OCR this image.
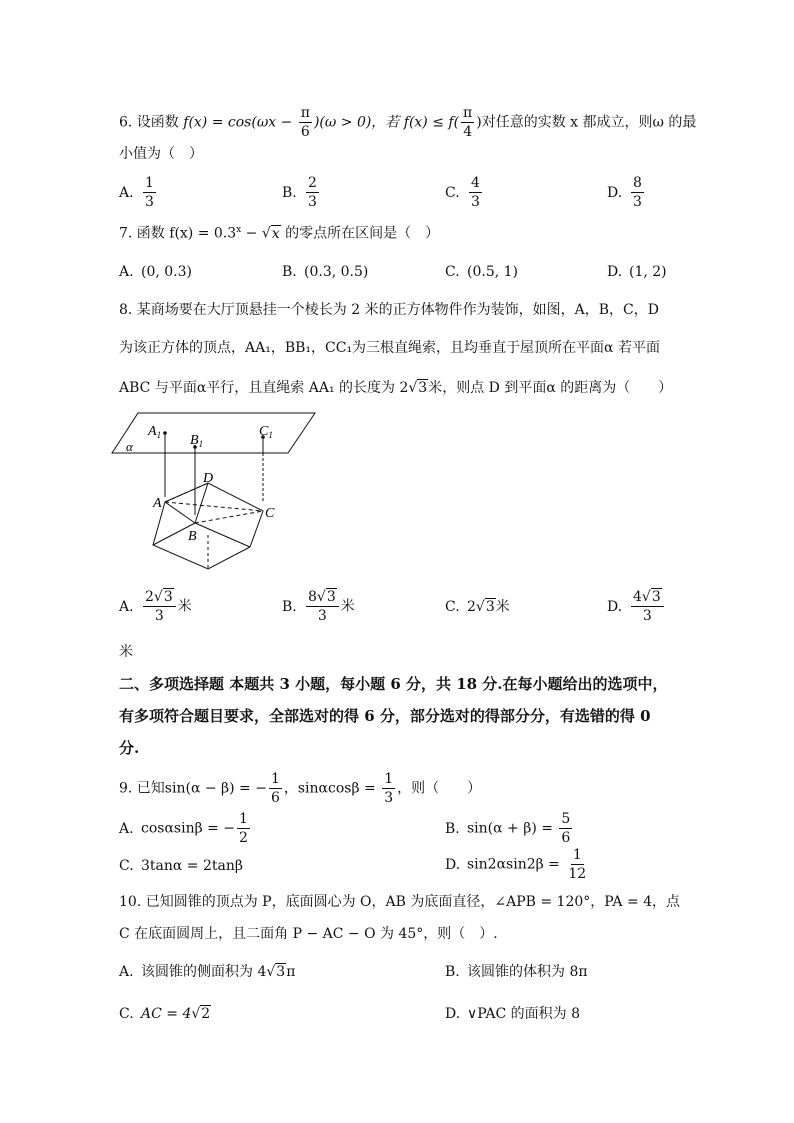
6. 设函数 $f(x) = \cos(\omega x - \frac{\pi}{6} )(\omega > 0)$，若 $f(x) \le f( \frac{\pi}{4}$ )对任意的实数 x 都成立，则ω 的最
小值为（　）
A. $\frac{1}{3}$	B. $\frac{2}{3}$	C. $\frac{4}{3}$	D. $\frac{8}{3}$
7. 函数 $f(x) = 0.3^x - √x$ 的零点所在区间是（　）
A. (0, 0.3)	B. (0.3, 0.5)	C. (0.5, 1)	D. (1, 2)
8. 某商场要在大厅顶悬挂一个棱长为 2 米的正方体物件作为装饰，如图，A，B，C，D
为该正方体的顶点，AA₁，BB₁，CC₁为三根直绳索，且均垂直于屋顶所在平面α 若平面
ABC 与平面α平行，且直绳索 AA₁ 的长度为 2√3米，则点 D 到平面α 的距离为（　　）
$A_1$ $B_1$
$C_1$
α
D
A
B
C
A. $\frac{2√3}{3}$ 米	B. $\frac{8√3}{3}$ 米	C. 2√3米	D. $\frac{4√3}{3}$
米
二、多项选择题 本题共 3 小题，每小题 6 分，共 18 分.在每小题给出的选项中，
有多项符合题目要求，全部选对的得 6 分，部分选对的得部分分，有选错的得 0
分.
9. 已知sin(α − β) = − $\frac{1}{6}$ ，$\sin\alpha\cos\beta = \frac{1}{3}$ ，则（　　）
A. cosαsinβ = − $\frac{1}{2}$	B. $\sin(\alpha + \beta) = \frac{5}{6}$
C. 3tanα = 2tanβ	D. $\sin 2\alpha\sin 2\beta = \frac{1}{12}$
10. 已知圆锥的顶点为 P，底面圆心为 O，AB 为底面直径，∠APB = 120°，PA = 4，点
C 在底面圆周上，且二面角 P − AC − O 为 45°，则（　）.
A. 该圆锥的侧面积为 4√3π	B. 该圆锥的体积为 8π
C. AC = 4√2	D. ∨PAC 的面积为 8
